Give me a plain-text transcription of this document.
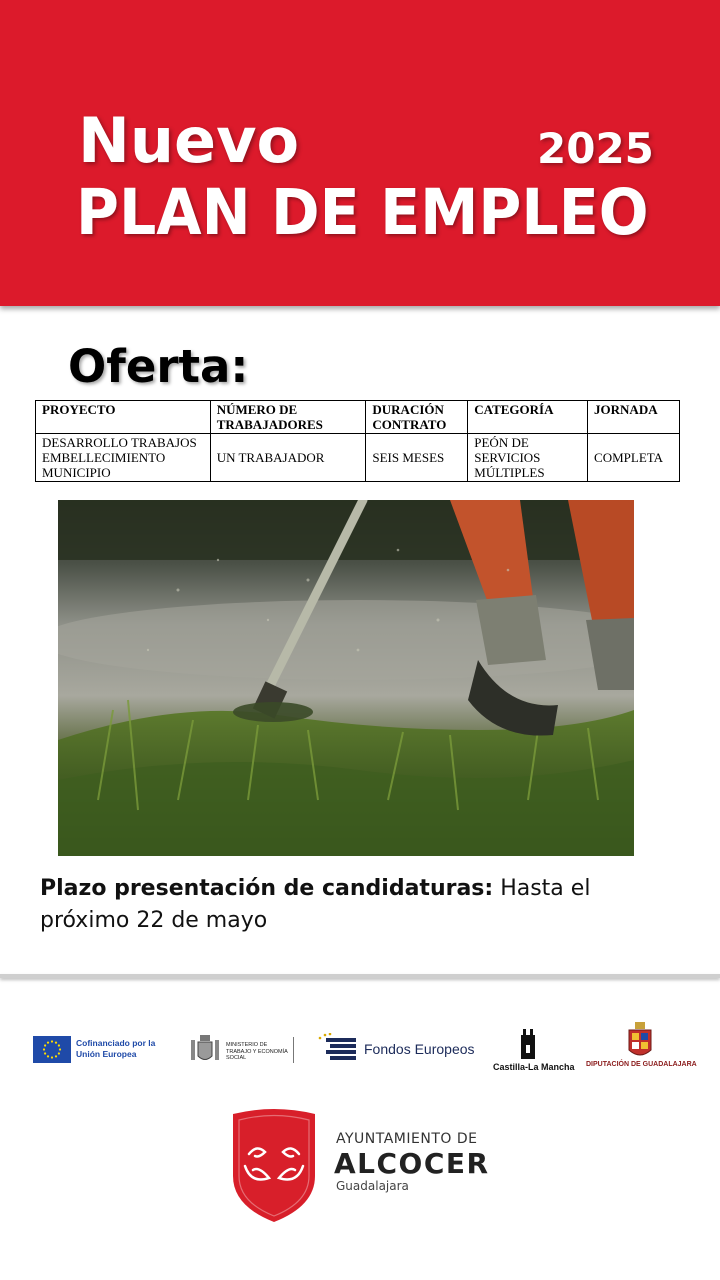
Nuevo	2025
PLAN DE EMPLEO
Oferta:
PROYECTO	NÚMERO DE TRABAJADORES	DURACIÓN CONTRATO	CATEGORÍA	JORNADA
DESARROLLO TRABAJOS EMBELLECIMIENTO MUNICIPIO	UN TRABAJADOR	SEIS MESES	PEÓN DE SERVICIOS MÚLTIPLES	COMPLETA
Plazo presentación de candidaturas: Hasta el próximo 22 de mayo
Cofinanciado por la Unión Europea
MINISTERIO DE TRABAJO Y ECONOMÍA SOCIAL
Fondos Europeos
Castilla-La Mancha DIPUTACIÓN DE GUADALAJARA
AYUNTAMIENTO DE
ALCOCER
Guadalajara
